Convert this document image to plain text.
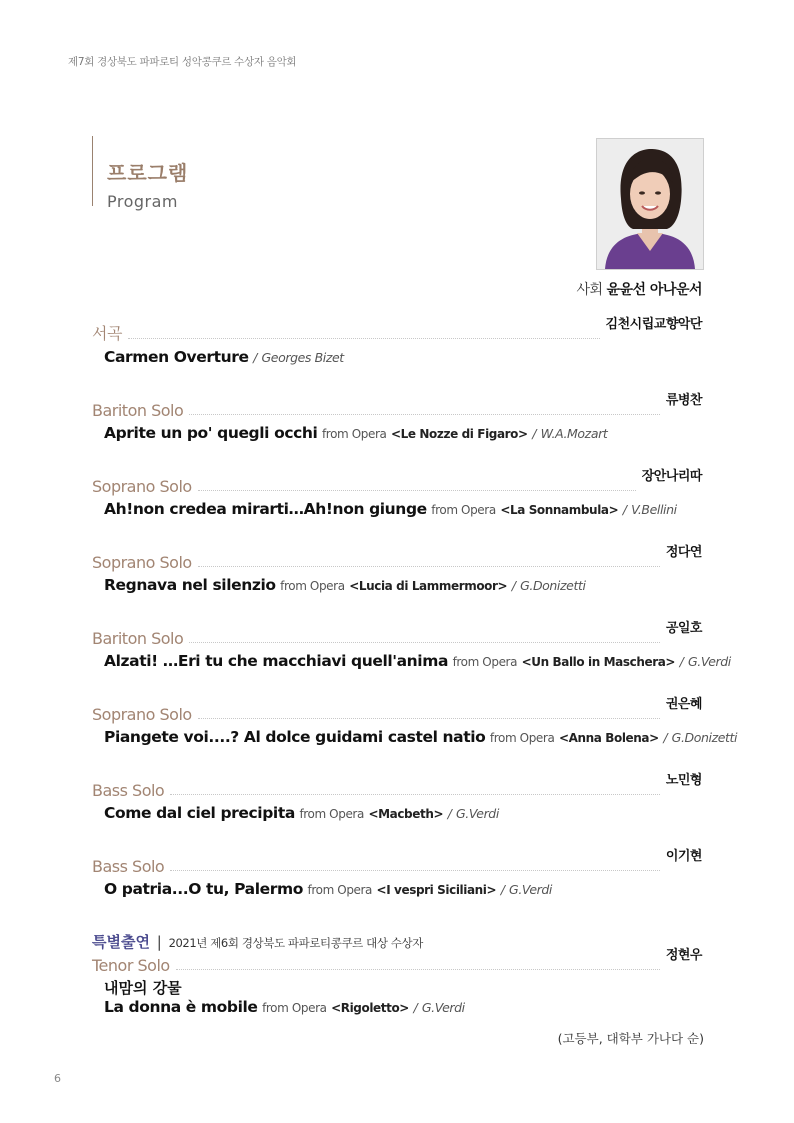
제7회 경상북도 파파로티 성악콩쿠르 수상자 음악회
프로그램
Program
사회 윤윤선 아나운서
서곡	김천시립교향악단
Carmen Overture / Georges Bizet
Bariton Solo
류병찬
Aprite un po' quegli occhi from Opera <Le Nozze di Figaro> / W.A.Mozart
Soprano Solo
장안나리따
Ah!non credea mirarti…Ah!non giunge from Opera <La Sonnambula> / V.Bellini
Soprano Solo
정다연
Regnava nel silenzio from Opera <Lucia di Lammermoor> / G.Donizetti
Bariton Solo
공일호
Alzati! …Eri tu che macchiavi quell'anima from Opera <Un Ballo in Maschera> / G.Verdi
Soprano Solo
권은혜
Piangete voi....? Al dolce guidami castel natio from Opera <Anna Bolena> / G.Donizetti
Bass Solo
노민형
Come dal ciel precipita from Opera <Macbeth> / G.Verdi
Bass Solo
이기현
O patria...O tu, Palermo from Opera <I vespri Siciliani> / G.Verdi
특별출연 | 2021년 제6회 경상북도 파파로티콩쿠르 대상 수상자
Tenor Solo
정현우
내맘의 강물
La donna è mobile from Opera <Rigoletto> / G.Verdi
(고등부, 대학부 가나다 순)
6
